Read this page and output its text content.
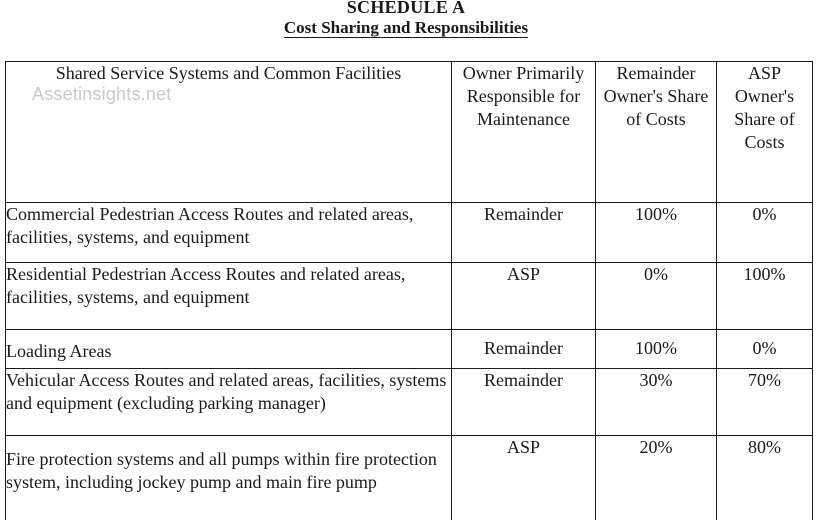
SCHEDULE A
Cost Sharing and Responsibilities
Assetinsights.net
Shared Service Systems and Common Facilities	Owner Primarily Responsible for Maintenance	Remainder Owner's Share of Costs	ASP Owner's Share of Costs
Commercial Pedestrian Access Routes and related areas, facilities, systems, and equipment	Remainder	100%	0%
Residential Pedestrian Access Routes and related areas, facilities, systems, and equipment	ASP	0%	100%
Loading Areas	Remainder	100%	0%
Vehicular Access Routes and related areas, facilities, systems and equipment (excluding parking manager)	Remainder	30%	70%
Fire protection systems and all pumps within fire protection system, including jockey pump and main fire pump	ASP	20%	80%
